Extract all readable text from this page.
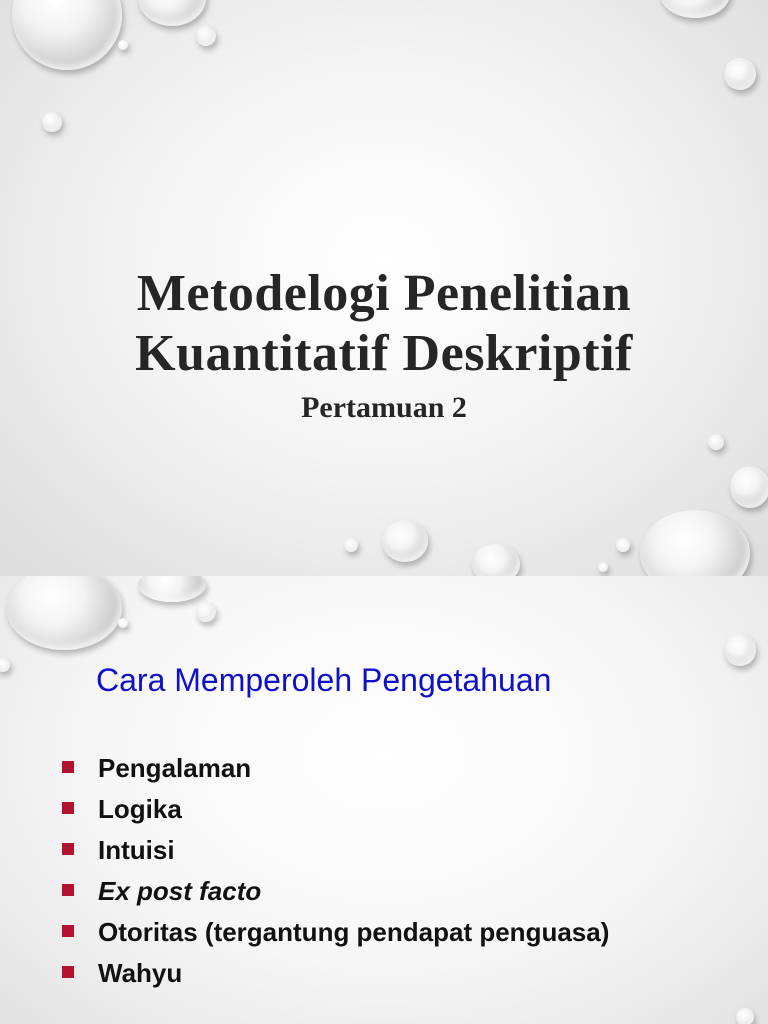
Metodelogi Penelitian
Kuantitatif Deskriptif
Pertamuan 2
Cara Memperoleh Pengetahuan
Pengalaman
Logika
Intuisi
Ex post facto
Otoritas (tergantung pendapat penguasa)
Wahyu
